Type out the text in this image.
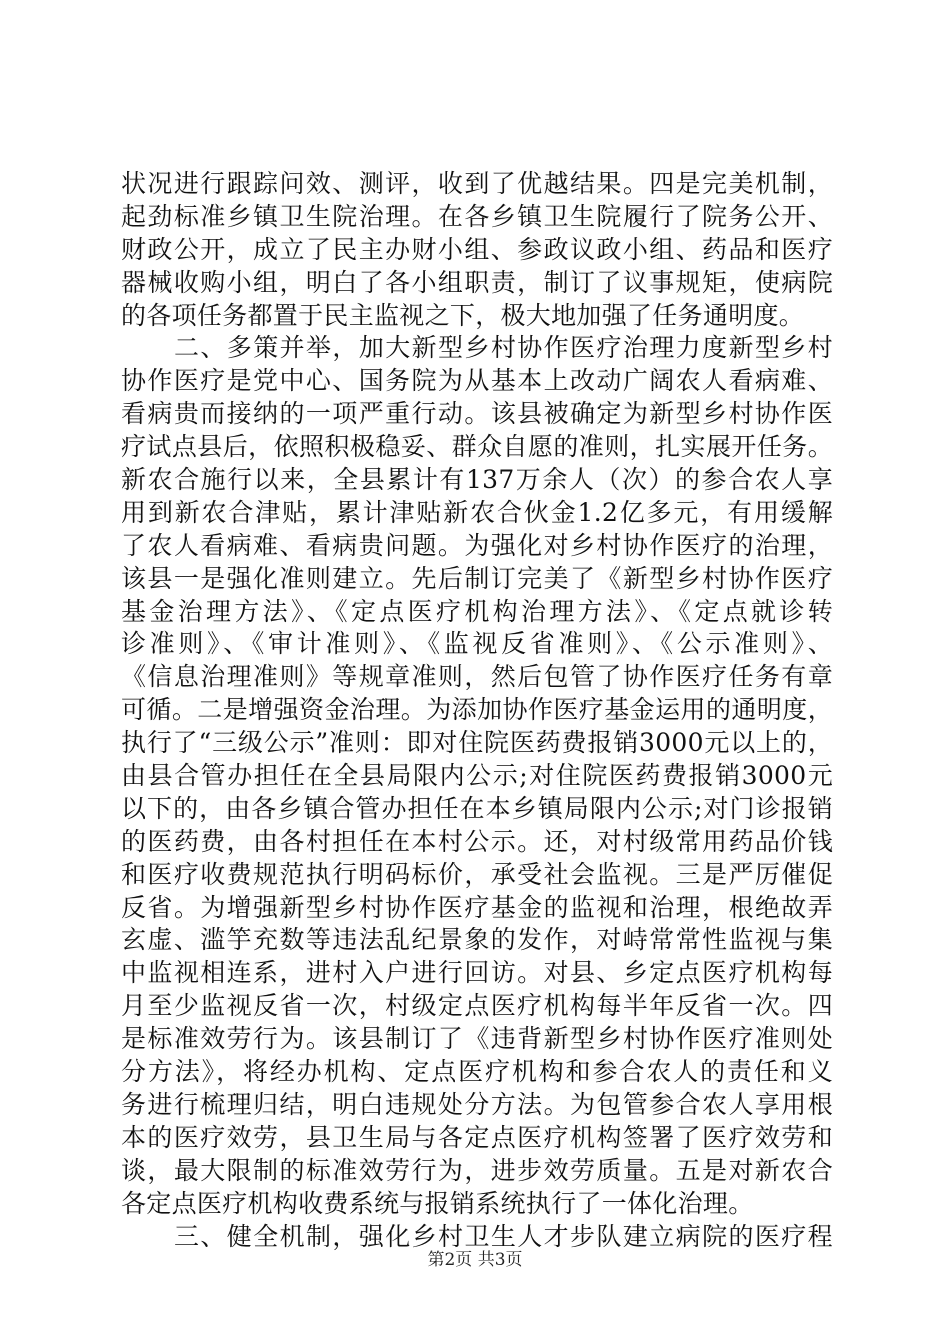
状况进行跟踪问效、测评，收到了优越结果。四是完美机制，
起劲标准乡镇卫生院治理。在各乡镇卫生院履行了院务公开、
财政公开，成立了民主办财小组、参政议政小组、药品和医疗
器械收购小组，明白了各小组职责，制订了议事规矩，使病院
的各项任务都置于民主监视之下，极大地加强了任务通明度。
二、多策并举，加大新型乡村协作医疗治理力度新型乡村
协作医疗是党中心、国务院为从基本上改动广阔农人看病难、
看病贵而接纳的一项严重行动。该县被确定为新型乡村协作医
疗试点县后，依照积极稳妥、群众自愿的准则，扎实展开任务。
新农合施行以来，全县累计有137万余人（次）的参合农人享
用到新农合津贴，累计津贴新农合伙金1.2亿多元，有用缓解
了农人看病难、看病贵问题。为强化对乡村协作医疗的治理，
该县一是强化准则建立。先后制订完美了《新型乡村协作医疗
基金治理方法》、《定点医疗机构治理方法》、《定点就诊转
诊准则》、《审计准则》、《监视反省准则》、《公示准则》、
《信息治理准则》等规章准则，然后包管了协作医疗任务有章
可循。二是增强资金治理。为添加协作医疗基金运用的通明度，
执行了“三级公示”准则：即对住院医药费报销3000元以上的，
由县合管办担任在全县局限内公示;对住院医药费报销3000元
以下的，由各乡镇合管办担任在本乡镇局限内公示;对门诊报销
的医药费，由各村担任在本村公示。还，对村级常用药品价钱
和医疗收费规范执行明码标价，承受社会监视。三是严厉催促
反省。为增强新型乡村协作医疗基金的监视和治理，根绝故弄
玄虚、滥竽充数等违法乱纪景象的发作，对峙常常性监视与集
中监视相连系，进村入户进行回访。对县、乡定点医疗机构每
月至少监视反省一次，村级定点医疗机构每半年反省一次。四
是标准效劳行为。该县制订了《违背新型乡村协作医疗准则处
分方法》，将经办机构、定点医疗机构和参合农人的责任和义
务进行梳理归结，明白违规处分方法。为包管参合农人享用根
本的医疗效劳，县卫生局与各定点医疗机构签署了医疗效劳和
谈，最大限制的标准效劳行为，进步效劳质量。五是对新农合
各定点医疗机构收费系统与报销系统执行了一体化治理。
三、健全机制，强化乡村卫生人才步队建立病院的医疗程
第2页 共3页
